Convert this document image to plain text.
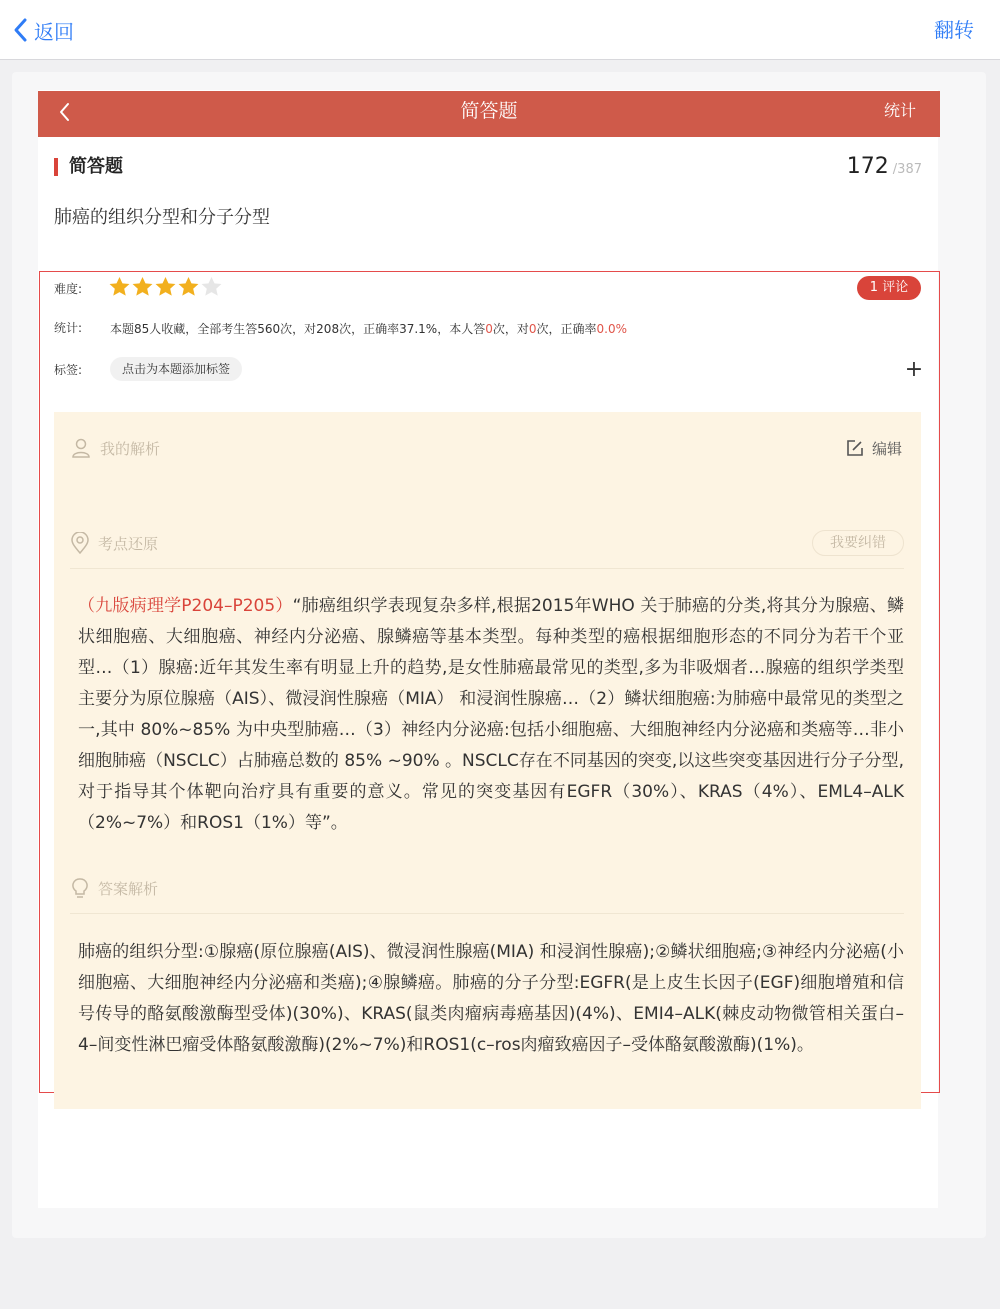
返回	翻转
简答题	统计
简答题	172 /387
肺癌的组织分型和分子分型
难度:	1 评论
统计: 本题85人收藏，全部考生答560次，对208次，正确率37.1%，本人答0次，对0次，正确率0.0%
标签:	点击为本题添加标签	+
我的解析	编辑
考点还原	我要纠错
（九版病理学P204–P205）“肺癌组织学表现复杂多样,根据2015年WHO 关于肺癌的分类,将其分为腺癌、鳞状细胞癌、大细胞癌、神经内分泌癌、腺鳞癌等基本类型。每种类型的癌根据细胞形态的不同分为若干个亚型…（1）腺癌:近年其发生率有明显上升的趋势,是女性肺癌最常见的类型,多为非吸烟者…腺癌的组织学类型主要分为原位腺癌（AIS）、微浸润性腺癌（MIA） 和浸润性腺癌…（2）鳞状细胞癌:为肺癌中最常见的类型之一,其中 80%~85% 为中央型肺癌…（3）神经内分泌癌:包括小细胞癌、大细胞神经内分泌癌和类癌等…非小细胞肺癌（NSCLC）占肺癌总数的 85% ~90% 。NSCLC存在不同基因的突变,以这些突变基因进行分子分型,对于指导其个体靶向治疗具有重要的意义。常见的突变基因有EGFR（30%）、KRAS（4%）、EML4–ALK（2%~7%）和ROS1（1%）等”。
答案解析
肺癌的组织分型:①腺癌(原位腺癌(AIS)、微浸润性腺癌(MIA) 和浸润性腺癌);②鳞状细胞癌;③神经内分泌癌(小细胞癌、大细胞神经内分泌癌和类癌);④腺鳞癌。肺癌的分子分型:EGFR(是上皮生长因子(EGF)细胞增殖和信号传导的酪氨酸激酶型受体)(30%)、KRAS(鼠类肉瘤病毒癌基因)(4%)、EMI4–ALK(棘皮动物微管相关蛋白–4–间变性淋巴瘤受体酪氨酸激酶)(2%~7%)和ROS1(c–ros肉瘤致癌因子–受体酪氨酸激酶)(1%)。
